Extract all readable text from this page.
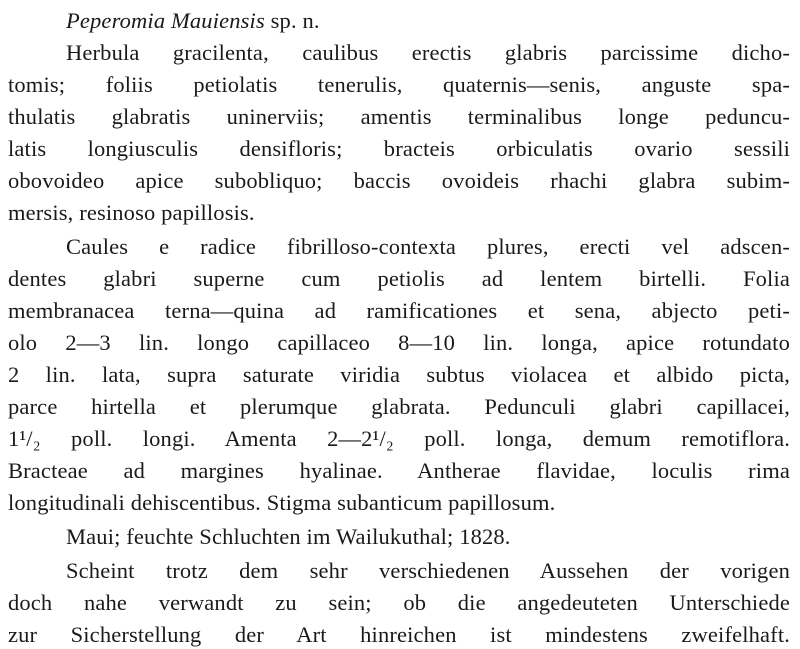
Peperomia Mauiensis sp. n.
Herbula gracilenta, caulibus erectis glabris parcissime dicho-
tomis; foliis petiolatis tenerulis, quaternis—senis, anguste spa-
thulatis glabratis uninerviis; amentis terminalibus longe peduncu-
latis longiusculis densifloris; bracteis orbiculatis ovario sessili
obovoideo apice subobliquo; baccis ovoideis rhachi glabra subim-
mersis, resinoso papillosis.
Caules e radice fibrilloso-contexta plures, erecti vel adscen-
dentes glabri superne cum petiolis ad lentem birtelli. Folia
membranacea terna—quina ad ramificationes et sena, abjecto peti-
olo 2—3 lin. longo capillaceo 8—10 lin. longa, apice rotundato
2 lin. lata, supra saturate viridia subtus violacea et albido picta,
parce hirtella et plerumque glabrata. Pedunculi glabri capillacei,
1¹/₂ poll. longi. Amenta 2—2¹/₂ poll. longa, demum remotiflora.
Bracteae ad margines hyalinae. Antherae flavidae, loculis rima
longitudinali dehiscentibus. Stigma subanticum papillosum.
Maui; feuchte Schluchten im Wailukuthal; 1828.
Scheint trotz dem sehr verschiedenen Aussehen der vorigen
doch nahe verwandt zu sein; ob die angedeuteten Unterschiede
zur Sicherstellung der Art hinreichen ist mindestens zweifelhaft.
